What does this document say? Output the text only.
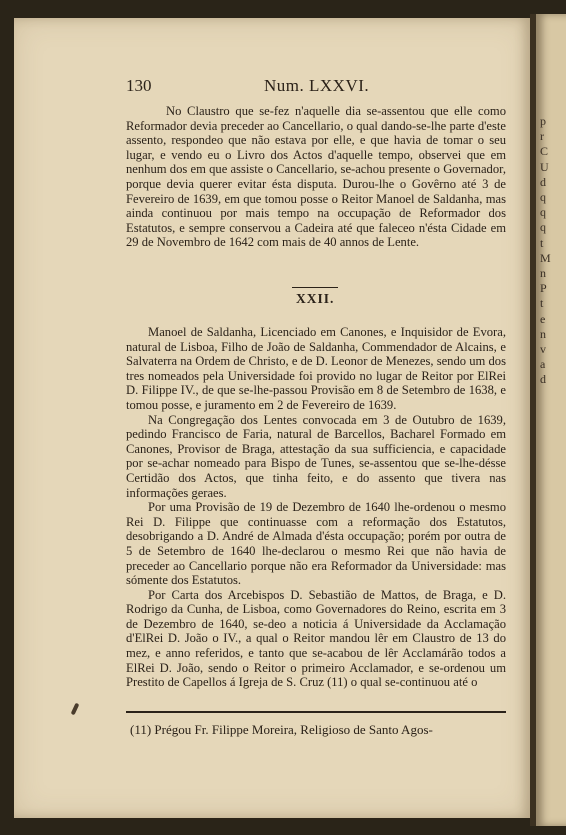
p
r
C
U
d
q
q
q
t
M
n
P
t
e
n
v
a
d
130	Num. LXXVI.
No Claustro que se-fez n'aquelle dia se-assentou que elle como Reformador devia preceder ao Cancellario, o qual dando-se-lhe parte d'este assento, respondeo que não estava por elle, e que havia de tomar o seu lugar, e vendo eu o Livro dos Actos d'aquelle tempo, observei que em nenhum dos em que assiste o Cancellario, se-achou presente o Governador, porque devia querer evitar ésta disputa. Durou-lhe o Govêrno até 3 de Fevereiro de 1639, em que tomou posse o Reitor Manoel de Saldanha, mas ainda continuou por mais tempo na occupação de Reformador dos Estatutos, e sempre conservou a Cadeira até que faleceo n'ésta Cidade em 29 de Novembro de 1642 com mais de 40 annos de Lente.
XXII.

Manoel de Saldanha, Licenciado em Canones, e Inquisidor de Evora, natural de Lisboa, Filho de João de Saldanha, Commendador de Alcains, e Salvaterra na Ordem de Christo, e de D. Leonor de Menezes, sendo um dos tres nomeados pela Universidade foi provido no lugar de Reitor por ElRei D. Filippe IV., de que se-lhe-passou Provisão em 8 de Setembro de 1638, e tomou posse, e juramento em 2 de Fevereiro de 1639.

Na Congregação dos Lentes convocada em 3 de Outubro de 1639, pedindo Francisco de Faria, natural de Barcellos, Bacharel Formado em Canones, Provisor de Braga, attestação da sua sufficiencia, e capacidade por se-achar nomeado para Bispo de Tunes, se-assentou que se-lhe-désse Certidão dos Actos, que tinha feito, e do assento que tivera nas informações geraes.

Por uma Provisão de 19 de Dezembro de 1640 lhe-ordenou o mesmo Rei D. Filippe que continuasse com a reformação dos Estatutos, desobrigando a D. André de Almada d'ésta occupação; porém por outra de 5 de Setembro de 1640 lhe-declarou o mesmo Rei que não havia de preceder ao Cancellario porque não era Reformador da Universidade: mas sómente dos Estatutos.

Por Carta dos Arcebispos D. Sebastião de Mattos, de Braga, e D. Rodrigo da Cunha, de Lisboa, como Governadores do Reino, escrita em 3 de Dezembro de 1640, se-deo a noticia á Universidade da Acclamação d'ElRei D. João o IV., a qual o Reitor mandou lêr em Claustro de 13 do mez, e anno referidos, e tanto que se-acabou de lêr Acclamárão todos a ElRei D. João, sendo o Reitor o primeiro Acclamador, e se-ordenou um Prestito de Capellos á Igreja de S. Cruz (11) o qual se-continuou até o

(11) Prégou Fr. Filippe Moreira, Religioso de Santo Agos-
